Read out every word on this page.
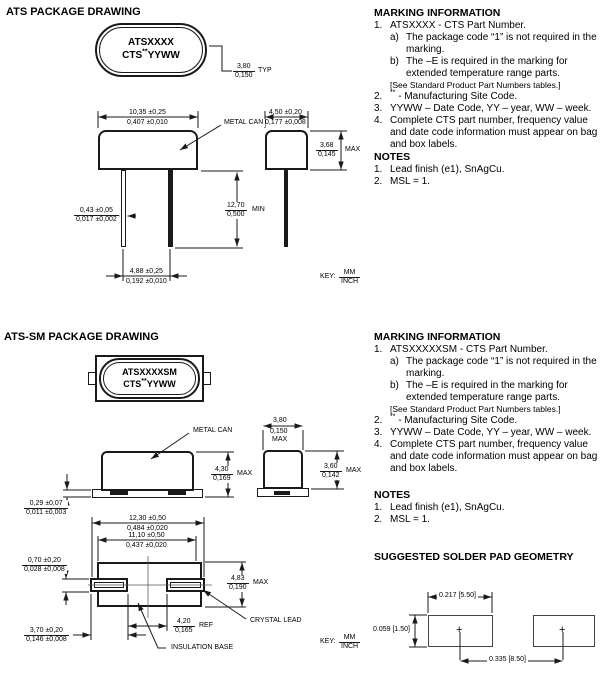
ATS PACKAGE DRAWING
ATS-SM PACKAGE DRAWING
ATSXXXX
CTS**YYWW
ATSXXXXSM
CTS**YYWW
+	+
$\frac{3,80}{0,150}$ TYP
10,35 ±0,25
0,407 ±0,010	METAL CAN
$\frac{0,43 \pm 0,05}{0,017 \pm 0,002}$	$\frac{12,70}{0,500}$ MIN
4,88 ±0,25
0,192 ±0,010
4,50 ±0,20
0,177 ±0,008
$\frac{3,68}{0,145}$ MAX
KEY:
MM
INCH
METAL CAN
$\frac{4,30}{0,169}$ MAX
$\frac{0,29 \pm 0,07}{0,011 \pm 0,003}$
3,80
0,150
MAX
$\frac{3,60}{0,142}$ MAX
12,30 ±0,50
0,484 ±0,020
11,10 ±0,50
0,437 ±0,020
$\frac{0,70 \pm 0,20}{0,028 \pm 0,008}$
$\frac{4,83}{0,190}$ MAX
$\frac{4,20}{0,165}$ REF
$\frac{3,70 \pm 0,20}{0,146 \pm 0,008}$
CRYSTAL LEAD
INSULATION BASE
KEY:
MM
INCH
0.217 [5.50]
0.059 [1.50]
0.335 [8.50]
MARKING INFORMATION
1. ATSXXXX - CTS Part Number.
a) The package code “1” is not required in the marking.
b) The –E is required in the marking for extended temperature range parts.
[See Standard Product Part Numbers tables.]
2.	** - Manufacturing Site Code.
3. YYWW – Date Code, YY – year, WW – week.
4. Complete CTS part number, frequency value and date code information must appear on bag and box labels.
NOTES
1. Lead finish (e1), SnAgCu.
2. MSL = 1.
MARKING INFORMATION
1. ATSXXXXXSM - CTS Part Number.
a) The package code “1” is not required in the marking.
b) The –E is required in the marking for extended temperature range parts.
[See Standard Product Part Numbers tables.]
2.	** - Manufacturing Site Code.
3. YYWW – Date Code, YY – year, WW – week.
4. Complete CTS part number, frequency value and date code information must appear on bag and box labels.
NOTES
1. Lead finish (e1), SnAgCu.
2. MSL = 1.
SUGGESTED SOLDER PAD GEOMETRY
